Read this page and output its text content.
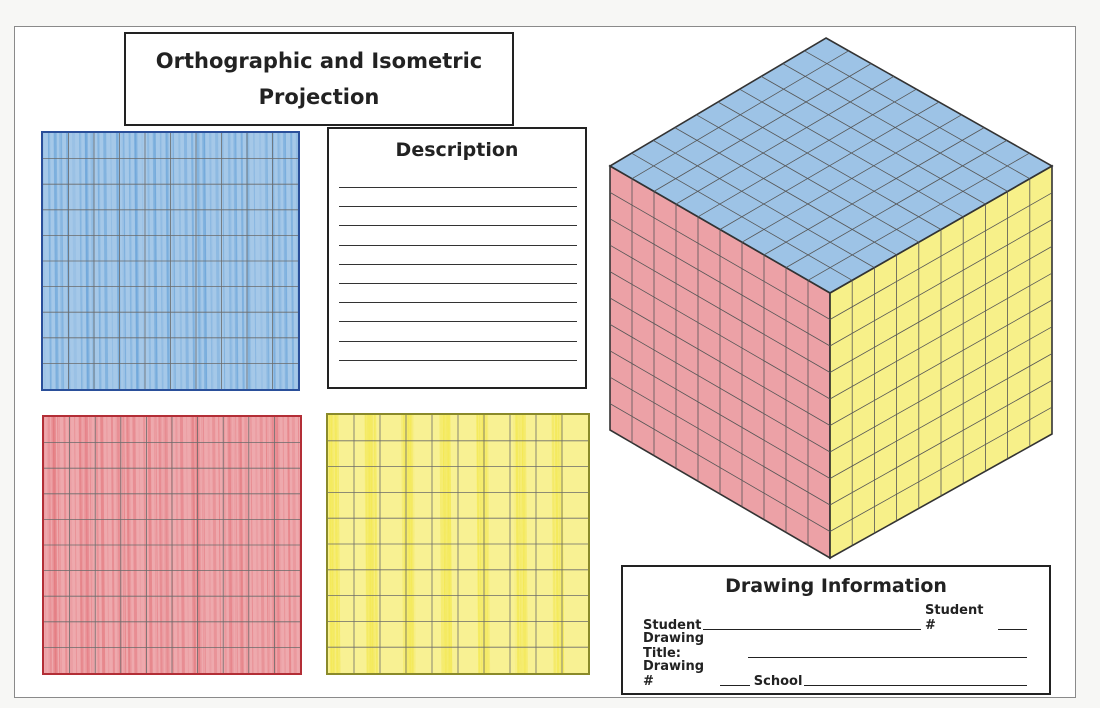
Orthographic and Isometric
Projection
Description
Drawing Information
Student
Student #
Drawing Title:
Drawing #	School
